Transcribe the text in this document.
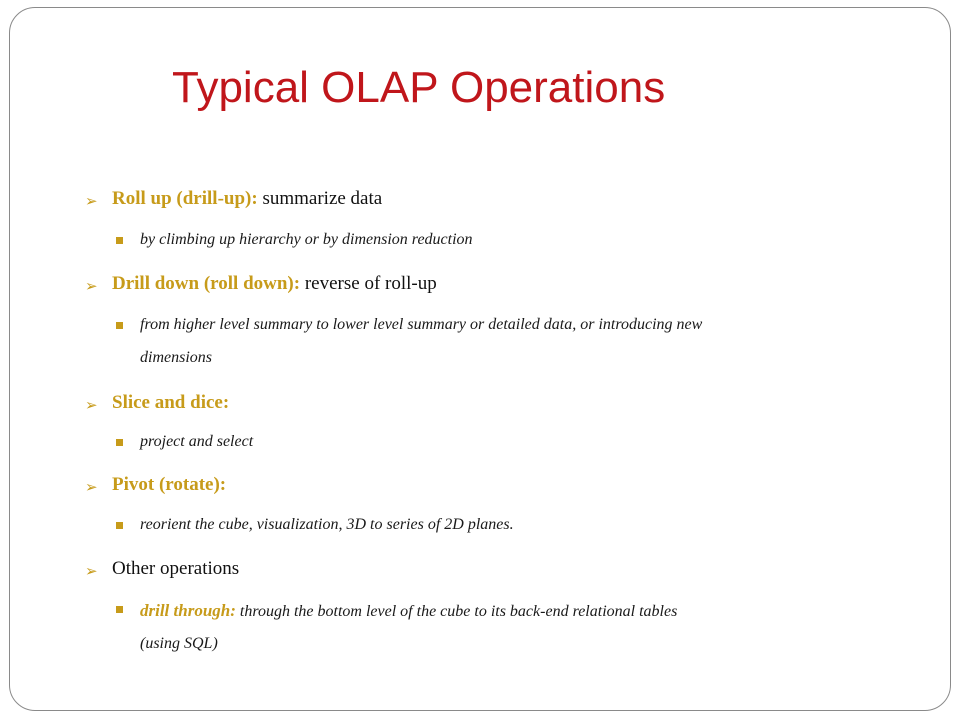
Typical OLAP Operations
➢ Roll up (drill-up): summarize data
by climbing up hierarchy or by dimension reduction
➢ Drill down (roll down): reverse of roll-up
from higher level summary to lower level summary or detailed data, or introducing new
dimensions
➢ Slice and dice:
project and select
➢ Pivot (rotate):
reorient the cube, visualization, 3D to series of 2D planes.
➢ Other operations
drill through: through the bottom level of the cube to its back-end relational tables
(using SQL)
